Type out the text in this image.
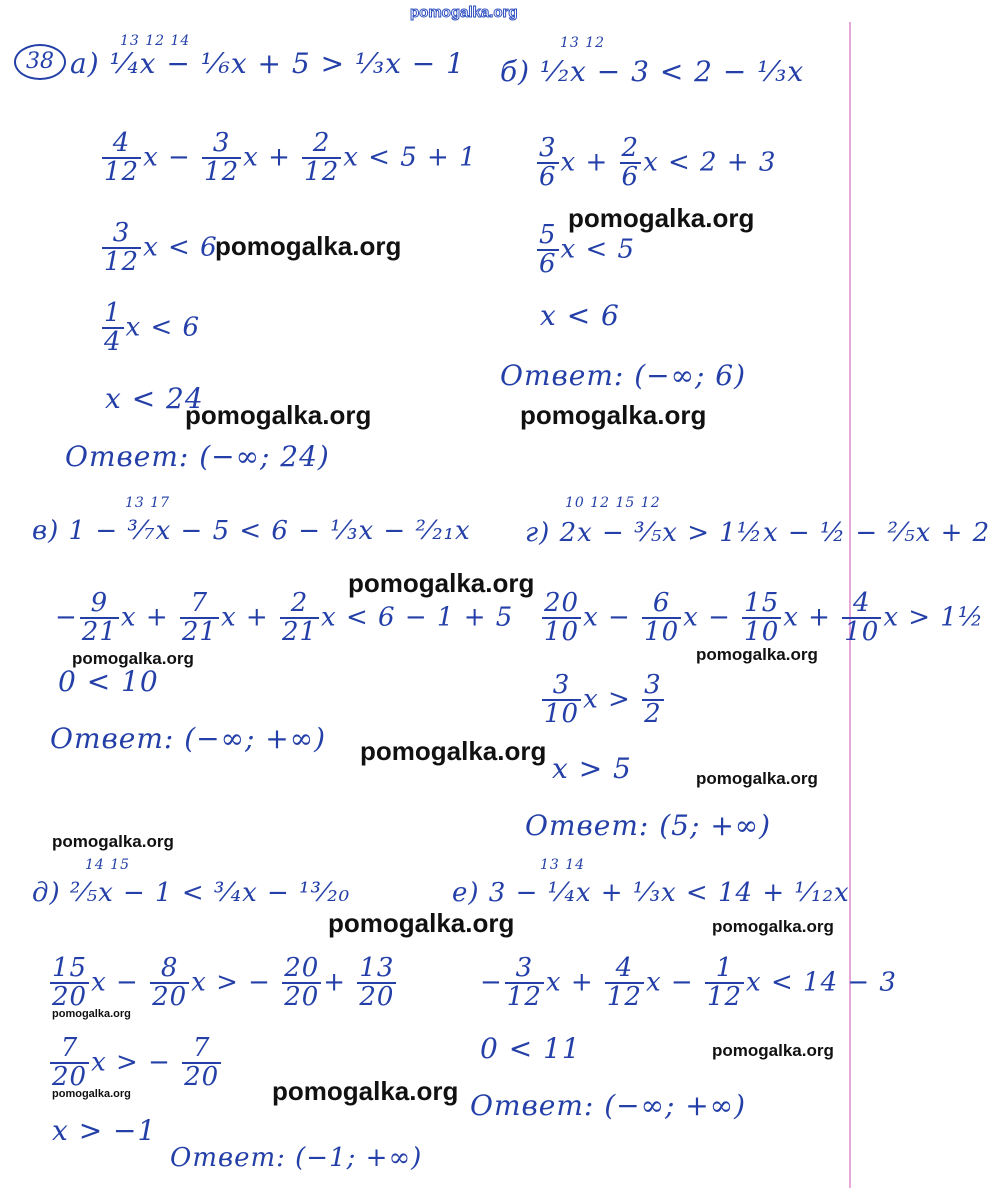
pomogalka.org
38 а) ¹⁄₄x − ¹⁄₆x + 5 > ¹⁄₃x − 1
13 12 14
$\frac{4}{12}$ $x - \frac{3}{12}$ $x + \frac{2}{12}$ x < 5 + 1
$\frac{3}{12}$ x < 6
$\frac{1}{4}$ x < 6
x < 24
Ответ: (−∞; 24)
б) ¹⁄₂x − 3 < 2 − ¹⁄₃x
13 12
$\frac{3}{6}$ $x + \frac{2}{6}$ x < 2 + 3
$\frac{5}{6}$ x < 5
x < 6
Ответ: (−∞; 6)
в) 1 − ³⁄₇x − 5 < 6 − ¹⁄₃x − ²⁄₂₁x
13 17
− $\frac{9}{21}$ $x + \frac{7}{21}$ $x + \frac{2}{21}$ x < 6 − 1 + 5
0 < 10
Ответ: (−∞; +∞)
г) 2x − ³⁄₅x > 1½x − ½ − ²⁄₅x + 2
10 12 15 12
$\frac{20}{10}$ $x - \frac{6}{10}$ $x - \frac{15}{10}$ $x + \frac{4}{10}$ x > 1½
$\frac{3}{10}$ $x > \frac{3}{2}$
x > 5
Ответ: (5; +∞)
д) ²⁄₅x − 1 < ³⁄₄x − ¹³⁄₂₀
14 15
$\frac{15}{20}$ $x - \frac{8}{20}$ x > − $\frac{20}{20} + \frac{13}{20}$
$\frac{7}{20}$ x > − $\frac{7}{20}$
x > −1
Ответ: (−1; +∞)
е) 3 − ¹⁄₄x + ¹⁄₃x < 14 + ¹⁄₁₂x
13 14
− $\frac{3}{12}$ $x + \frac{4}{12}$ $x - \frac{1}{12}$ x < 14 − 3
0 < 11
Ответ: (−∞; +∞)
pomogalka.org
pomogalka.org
pomogalka.org	pomogalka.org
pomogalka.org
pomogalka.org	pomogalka.org
pomogalka.org
pomogalka.org
pomogalka.org
pomogalka.org	pomogalka.org
pomogalka.org
pomogalka.org
pomogalka.org
pomogalka.org
